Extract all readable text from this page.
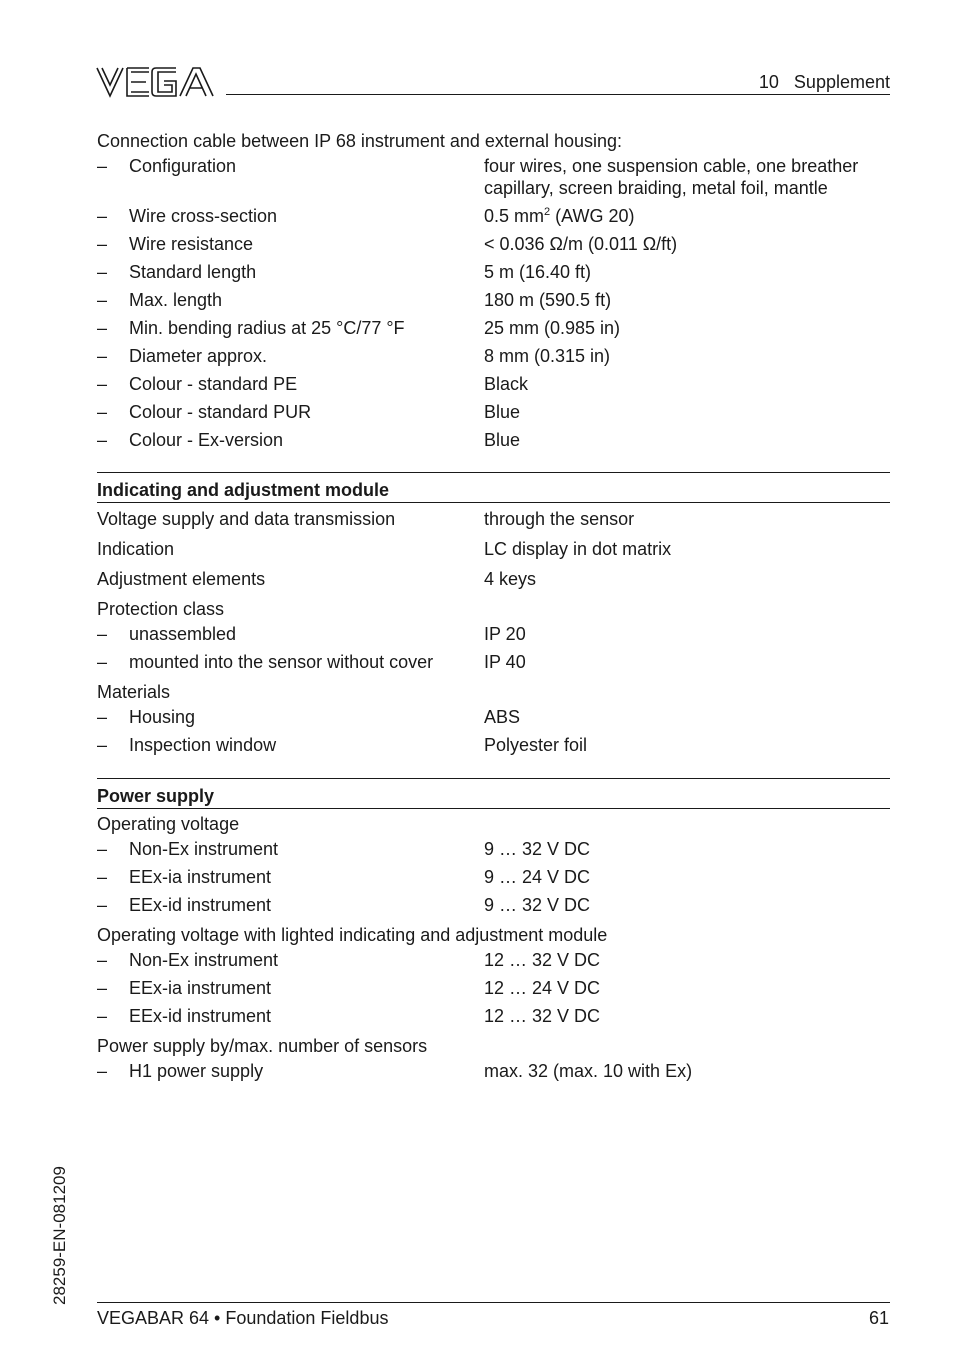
10   Supplement
Connection cable between IP 68 instrument and external housing:
–	Configuration	four wires, one suspension cable, one breather capillary, screen braiding, metal foil, mantle
–	Wire cross-section	0.5 $mm^2$ (AWG 20)
–	Wire resistance	< 0.036 Ω/m (0.011 Ω/ft)
–	Standard length	5 m (16.40 ft)
–	Max. length	180 m (590.5 ft)
–	Min. bending radius at 25 °C/77 °F	25 mm (0.985 in)
–	Diameter approx.	8 mm (0.315 in)
–	Colour - standard PE	Black
–	Colour - standard PUR	Blue
–	Colour - Ex-version	Blue
Indicating and adjustment module
Voltage supply and data transmission	through the sensor
Indication	LC display in dot matrix
Adjustment elements	4 keys
Protection class
–	unassembled	IP 20
–	mounted into the sensor without cover	IP 40
Materials
–	Housing	ABS
–	Inspection window	Polyester foil
Power supply
Operating voltage
–	Non-Ex instrument	9 … 32 V DC
–	EEx-ia instrument	9 … 24 V DC
–	EEx-id instrument	9 … 32 V DC
Operating voltage with lighted indicating and adjustment module
–	Non-Ex instrument	12 … 32 V DC
–	EEx-ia instrument	12 … 24 V DC
–	EEx-id instrument	12 … 32 V DC
Power supply by/max. number of sensors
–	H1 power supply	max. 32 (max. 10 with Ex)
28259-EN-081209
VEGABAR 64 • Foundation Fieldbus	61
